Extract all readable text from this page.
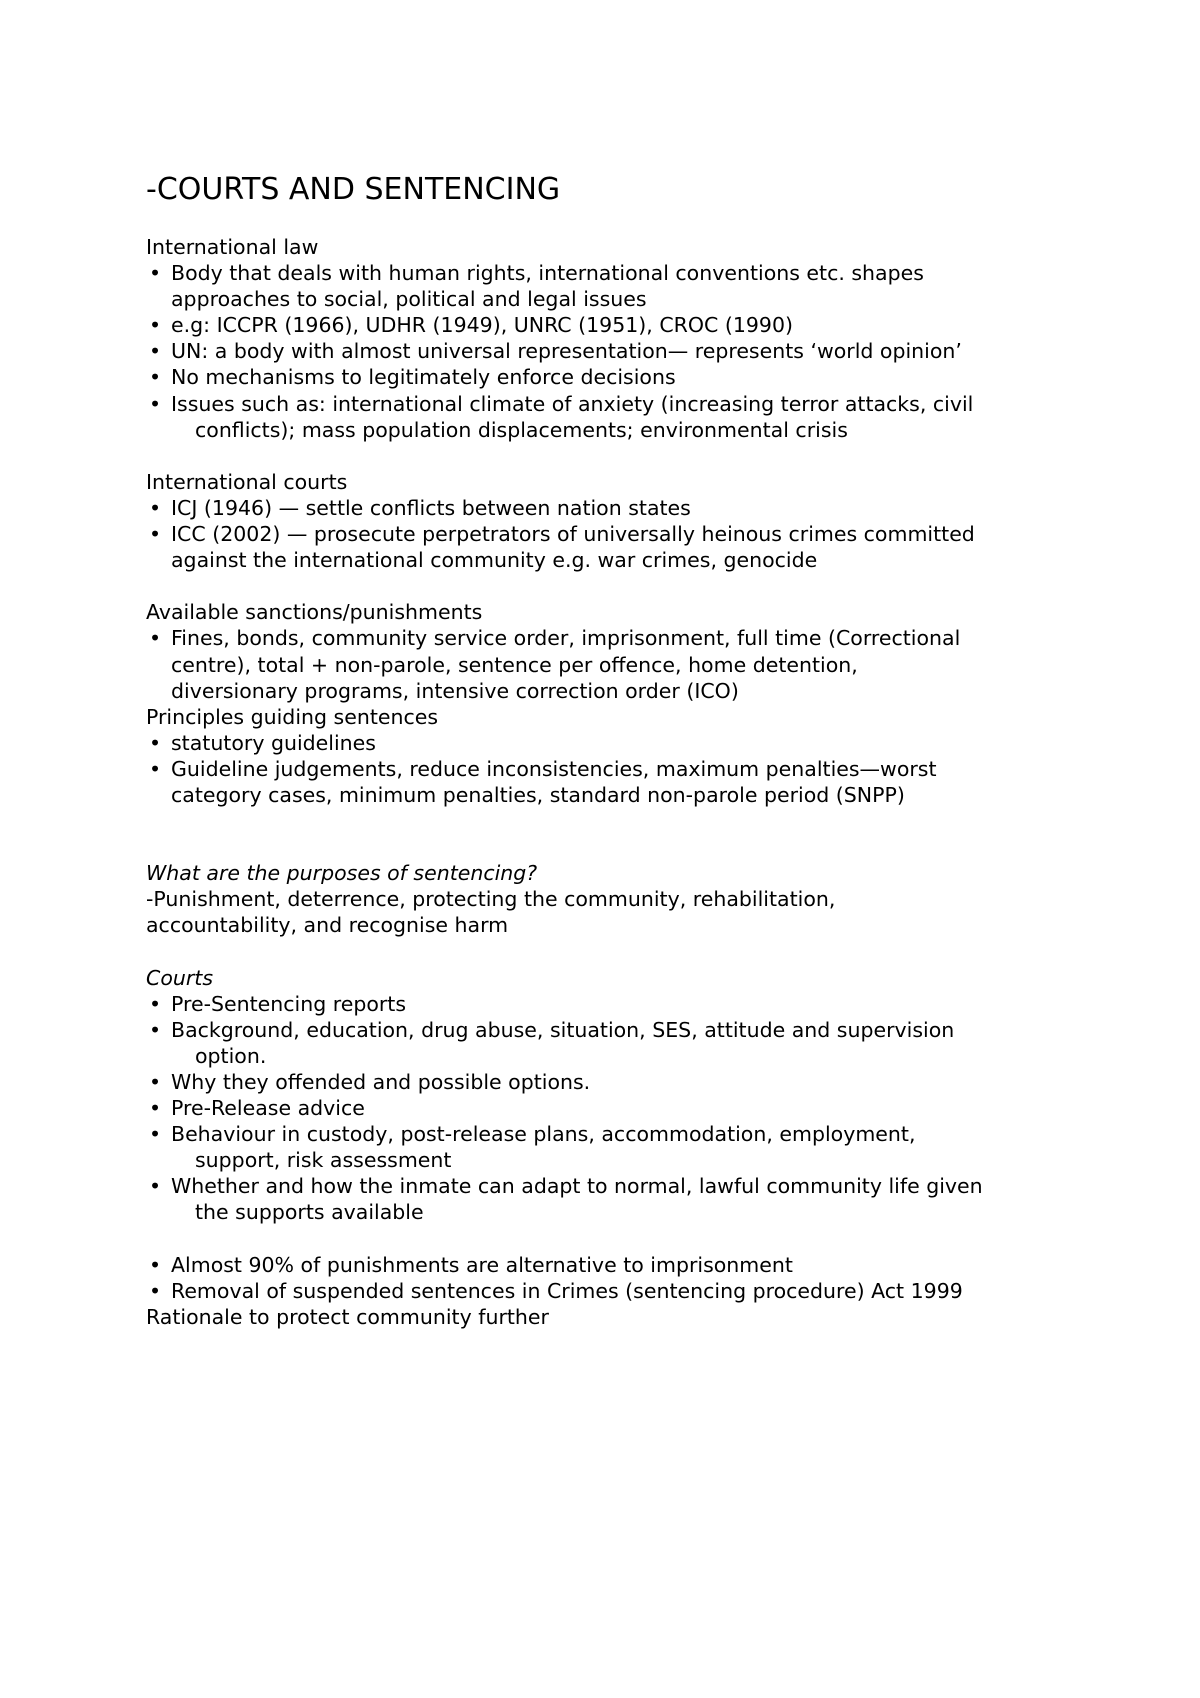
-COURTS AND SENTENCING
International law
• Body that deals with human rights, international conventions etc. shapes
approaches to social, political and legal issues
• e.g: ICCPR (1966), UDHR (1949), UNRC (1951), CROC (1990)
• UN: a body with almost universal representation— represents ‘world opinion’
• No mechanisms to legitimately enforce decisions
• Issues such as: international climate of anxiety (increasing terror attacks, civil
conflicts); mass population displacements; environmental crisis
International courts
• ICJ (1946) — settle conflicts between nation states
• ICC (2002) — prosecute perpetrators of universally heinous crimes committed
against the international community e.g. war crimes, genocide
Available sanctions/punishments
• Fines, bonds, community service order, imprisonment, full time (Correctional
centre), total + non-parole, sentence per offence, home detention,
diversionary programs, intensive correction order (ICO)
Principles guiding sentences
• statutory guidelines
• Guideline judgements, reduce inconsistencies, maximum penalties—worst
category cases, minimum penalties, standard non-parole period (SNPP)
What are the purposes of sentencing?
-Punishment, deterrence, protecting the community, rehabilitation,
accountability, and recognise harm
Courts
• Pre-Sentencing reports
• Background, education, drug abuse, situation, SES, attitude and supervision
option.
• Why they offended and possible options.
• Pre-Release advice
• Behaviour in custody, post-release plans, accommodation, employment,
support, risk assessment
• Whether and how the inmate can adapt to normal, lawful community life given
the supports available
• Almost 90% of punishments are alternative to imprisonment
• Removal of suspended sentences in Crimes (sentencing procedure) Act 1999
Rationale to protect community further
